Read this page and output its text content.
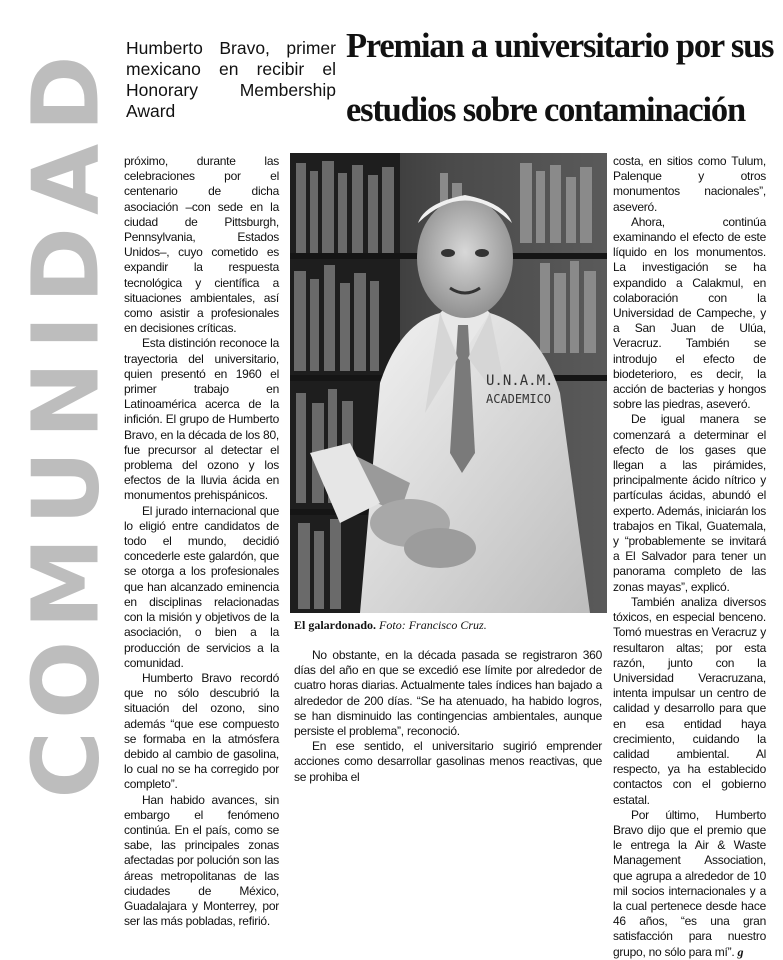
COMUNIDAD Humberto Bravo, primer mexicano en recibir el Honorary Membership Award
Premian a universitario por sus
estudios sobre contaminación

próximo, durante las celebraciones por el centenario de dicha asociación –con sede en la ciudad de Pittsburgh, Pennsylvania, Estados Unidos–, cuyo cometido es expandir la respuesta tecnológica y científica a situaciones ambientales, así como asistir a profesionales en decisiones críticas.

Esta distinción reconoce la trayectoria del universitario, quien presentó en 1960 el primer trabajo en Latinoamérica acerca de la infición. El grupo de Humberto Bravo, en la década de los 80, fue precursor al detectar el problema del ozono y los efectos de la lluvia ácida en monumentos prehispánicos.

El jurado internacional que lo eligió entre candidatos de todo el mundo, decidió concederle este galardón, que se otorga a los profesionales que han alcanzado eminencia en disciplinas relacionadas con la misión y objetivos de la asociación, o bien a la producción de servicios a la comunidad.

Humberto Bravo recordó que no sólo descubrió la situación del ozono, sino además “que ese compuesto se formaba en la atmósfera debido al cambio de gasolina, lo cual no se ha corregido por completo”.

Han habido avances, sin embargo el fenómeno continúa. En el país, como se sabe, las principales zonas afectadas por polución son las áreas metropolitanas de las ciudades de México, Guadalajara y Monterrey, por ser las más pobladas, refirió.

U.N.A.M.
ACADEMICO
El galardonado. Foto: Francisco Cruz.

No obstante, en la década pasada se registraron 360 días del año en que se excedió ese límite por alrededor de cuatro horas diarias. Actualmente tales índices han bajado a alrededor de 200 días. “Se ha atenuado, ha habido logros, se han disminuido las contingencias ambientales, aunque persiste el problema”, reconoció.

En ese sentido, el universitario sugirió emprender acciones como desarrollar gasolinas menos reactivas, que se prohiba el

costa, en sitios como Tulum, Palenque y otros monumentos nacionales”, aseveró.

Ahora, continúa examinando el efecto de este líquido en los monumentos. La investigación se ha expandido a Calakmul, en colaboración con la Universidad de Campeche, y a San Juan de Ulúa, Veracruz. También se introdujo el efecto de biodeterioro, es decir, la acción de bacterias y hongos sobre las piedras, aseveró.

De igual manera se comenzará a determinar el efecto de los gases que llegan a las pirámides, principalmente ácido nítrico y partículas ácidas, abundó el experto. Además, iniciarán los trabajos en Tikal, Guatemala, y “probablemente se invitará a El Salvador para tener un panorama completo de las zonas mayas”, explicó.

También analiza diversos tóxicos, en especial benceno. Tomó muestras en Veracruz y resultaron altas; por esta razón, junto con la Universidad Veracruzana, intenta impulsar un centro de calidad y desarrollo para que en esa entidad haya crecimiento, cuidando la calidad ambiental. Al respecto, ya ha establecido contactos con el gobierno estatal.

Por último, Humberto Bravo dijo que el premio que le entrega la Air & Waste Management Association, que agrupa a alrededor de 10 mil socios internacionales y a la cual pertenece desde hace 46 años, “es una gran satisfacción para nuestro grupo, no sólo para mí”. g
